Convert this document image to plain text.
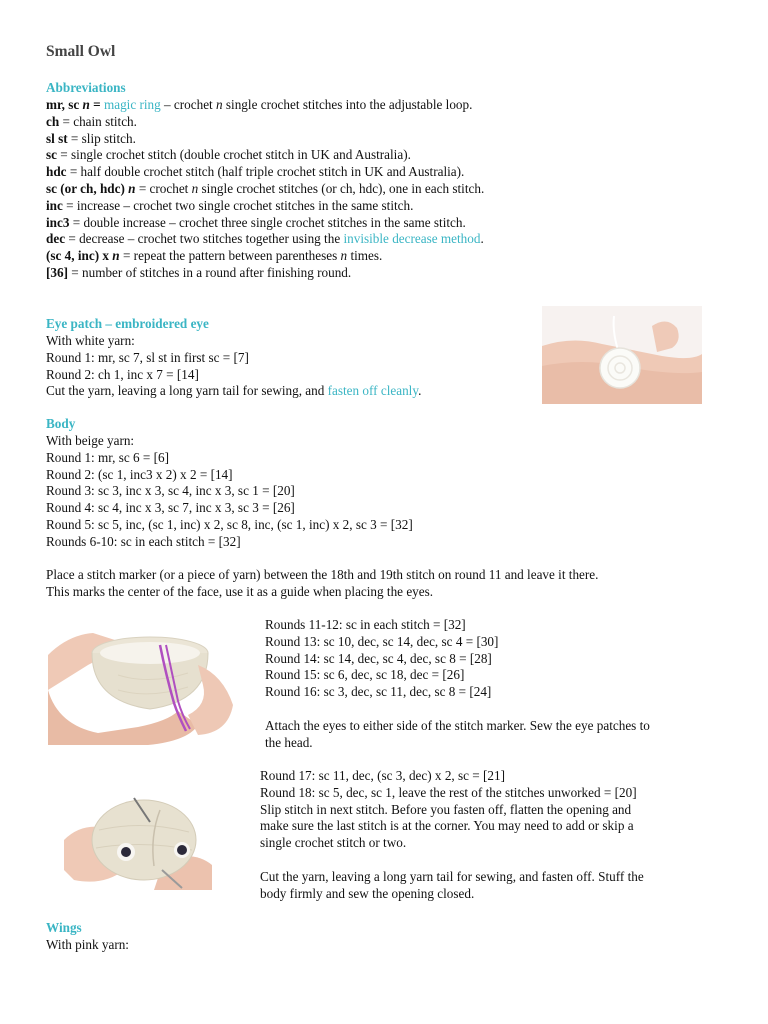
Small Owl
Abbreviations
mr, sc n = magic ring – crochet n single crochet stitches into the adjustable loop.
ch = chain stitch.
sl st = slip stitch.
sc = single crochet stitch (double crochet stitch in UK and Australia).
hdc = half double crochet stitch (half triple crochet stitch in UK and Australia).
sc (or ch, hdc) n = crochet n single crochet stitches (or ch, hdc), one in each stitch.
inc = increase – crochet two single crochet stitches in the same stitch.
inc3 = double increase – crochet three single crochet stitches in the same stitch.
dec = decrease – crochet two stitches together using the invisible decrease method.
(sc 4, inc) x n = repeat the pattern between parentheses n times.
[36] = number of stitches in a round after finishing round.
Eye patch – embroidered eye
With white yarn:
Round 1: mr, sc 7, sl st in first sc = [7]
Round 2: ch 1, inc x 7 = [14]
Cut the yarn, leaving a long yarn tail for sewing, and fasten off cleanly.
Body
With beige yarn:
Round 1: mr, sc 6 = [6]
Round 2: (sc 1, inc3 x 2) x 2 = [14]
Round 3: sc 3, inc x 3, sc 4, inc x 3, sc 1 = [20]
Round 4: sc 4, inc x 3, sc 7, inc x 3, sc 3 = [26]
Round 5: sc 5, inc, (sc 1, inc) x 2, sc 8, inc, (sc 1, inc) x 2, sc 3 = [32]
Rounds 6-10: sc in each stitch = [32]
Place a stitch marker (or a piece of yarn) between the 18th and 19th stitch on round 11 and leave it there.
This marks the center of the face, use it as a guide when placing the eyes.
Rounds 11-12: sc in each stitch = [32]
Round 13: sc 10, dec, sc 14, dec, sc 4 = [30]
Round 14: sc 14, dec, sc 4, dec, sc 8 = [28]
Round 15: sc 6, dec, sc 18, dec = [26]
Round 16: sc 3, dec, sc 11, dec, sc 8 = [24]
Attach the eyes to either side of the stitch marker. Sew the eye patches to
the head.
Round 17: sc 11, dec, (sc 3, dec) x 2, sc = [21]
Round 18: sc 5, dec, sc 1, leave the rest of the stitches unworked = [20]
Slip stitch in next stitch. Before you fasten off, flatten the opening and
make sure the last stitch is at the corner. You may need to add or skip a
single crochet stitch or two.
Cut the yarn, leaving a long yarn tail for sewing, and fasten off. Stuff the
body firmly and sew the opening closed.
Wings
With pink yarn:
